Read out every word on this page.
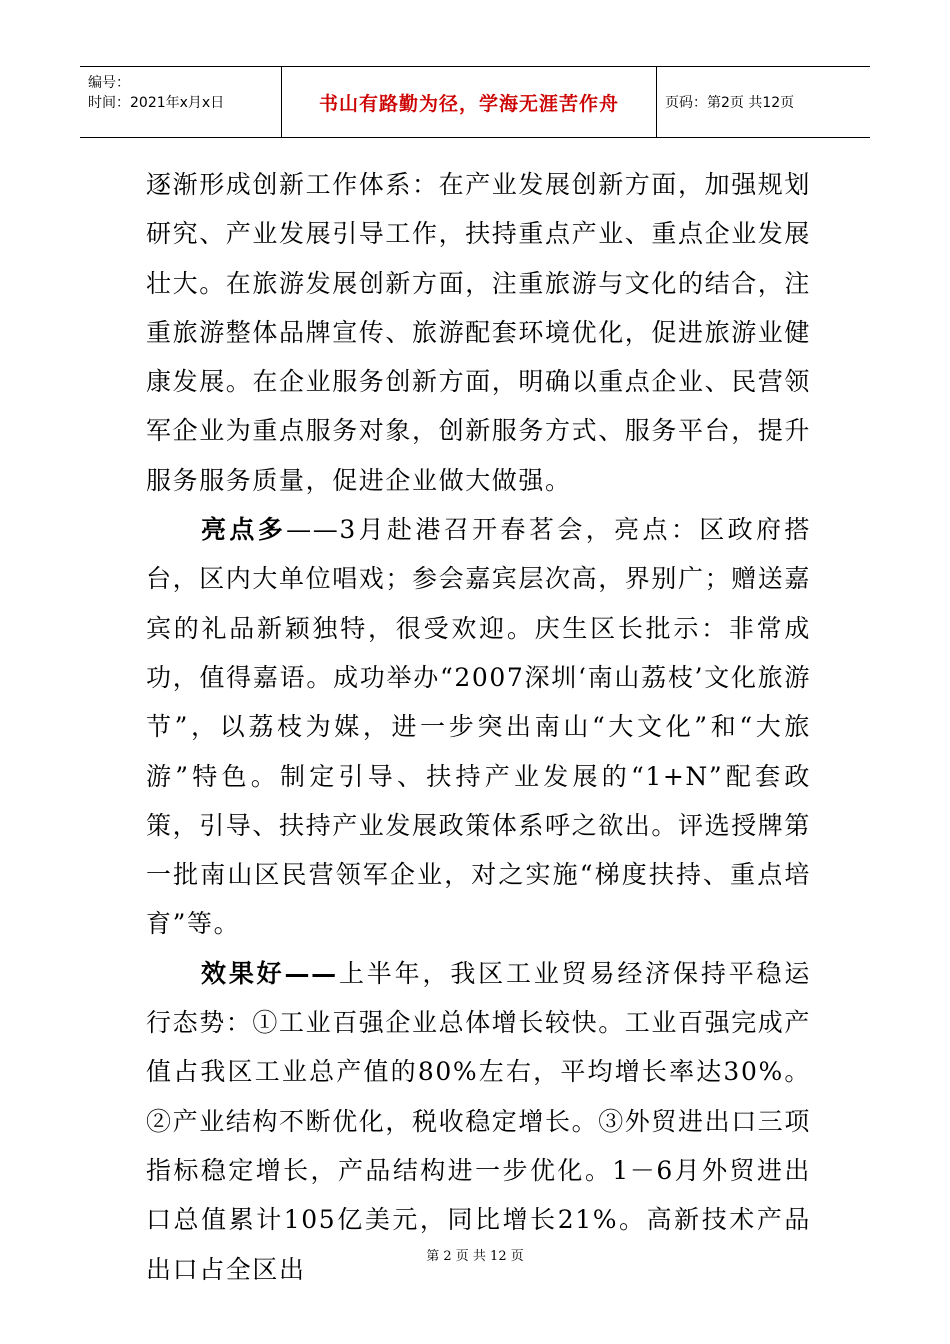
编号：
时间：2021年x月x日	书山有路勤为径，学海无涯苦作舟	页码：第2页 共12页

逐渐形成创新工作体系：在产业发展创新方面，加强规划研究、产业发展引导工作，扶持重点产业、重点企业发展壮大。在旅游发展创新方面，注重旅游与文化的结合，注重旅游整体品牌宣传、旅游配套环境优化，促进旅游业健康发展。在企业服务创新方面，明确以重点企业、民营领军企业为重点服务对象，创新服务方式、服务平台，提升服务服务质量，促进企业做大做强。

亮点多——3月赴港召开春茗会，亮点：区政府搭台，区内大单位唱戏；参会嘉宾层次高，界别广；赠送嘉宾的礼品新颖独特，很受欢迎。庆生区长批示：非常成功，值得嘉语。成功举办“2007深圳‘南山荔枝’文化旅游节”，以荔枝为媒，进一步突出南山“大文化”和“大旅游”特色。制定引导、扶持产业发展的“1+N”配套政策，引导、扶持产业发展政策体系呼之欲出。评选授牌第一批南山区民营领军企业，对之实施“梯度扶持、重点培育”等。

效果好——上半年，我区工业贸易经济保持平稳运行态势：①工业百强企业总体增长较快。工业百强完成产值占我区工业总产值的80%左右，平均增长率达30%。②产业结构不断优化，税收稳定增长。③外贸进出口三项指标稳定增长，产品结构进一步优化。1－6月外贸进出口总值累计105亿美元，同比增长21%。高新技术产品出口占全区出	第 2 页 共 12 页
